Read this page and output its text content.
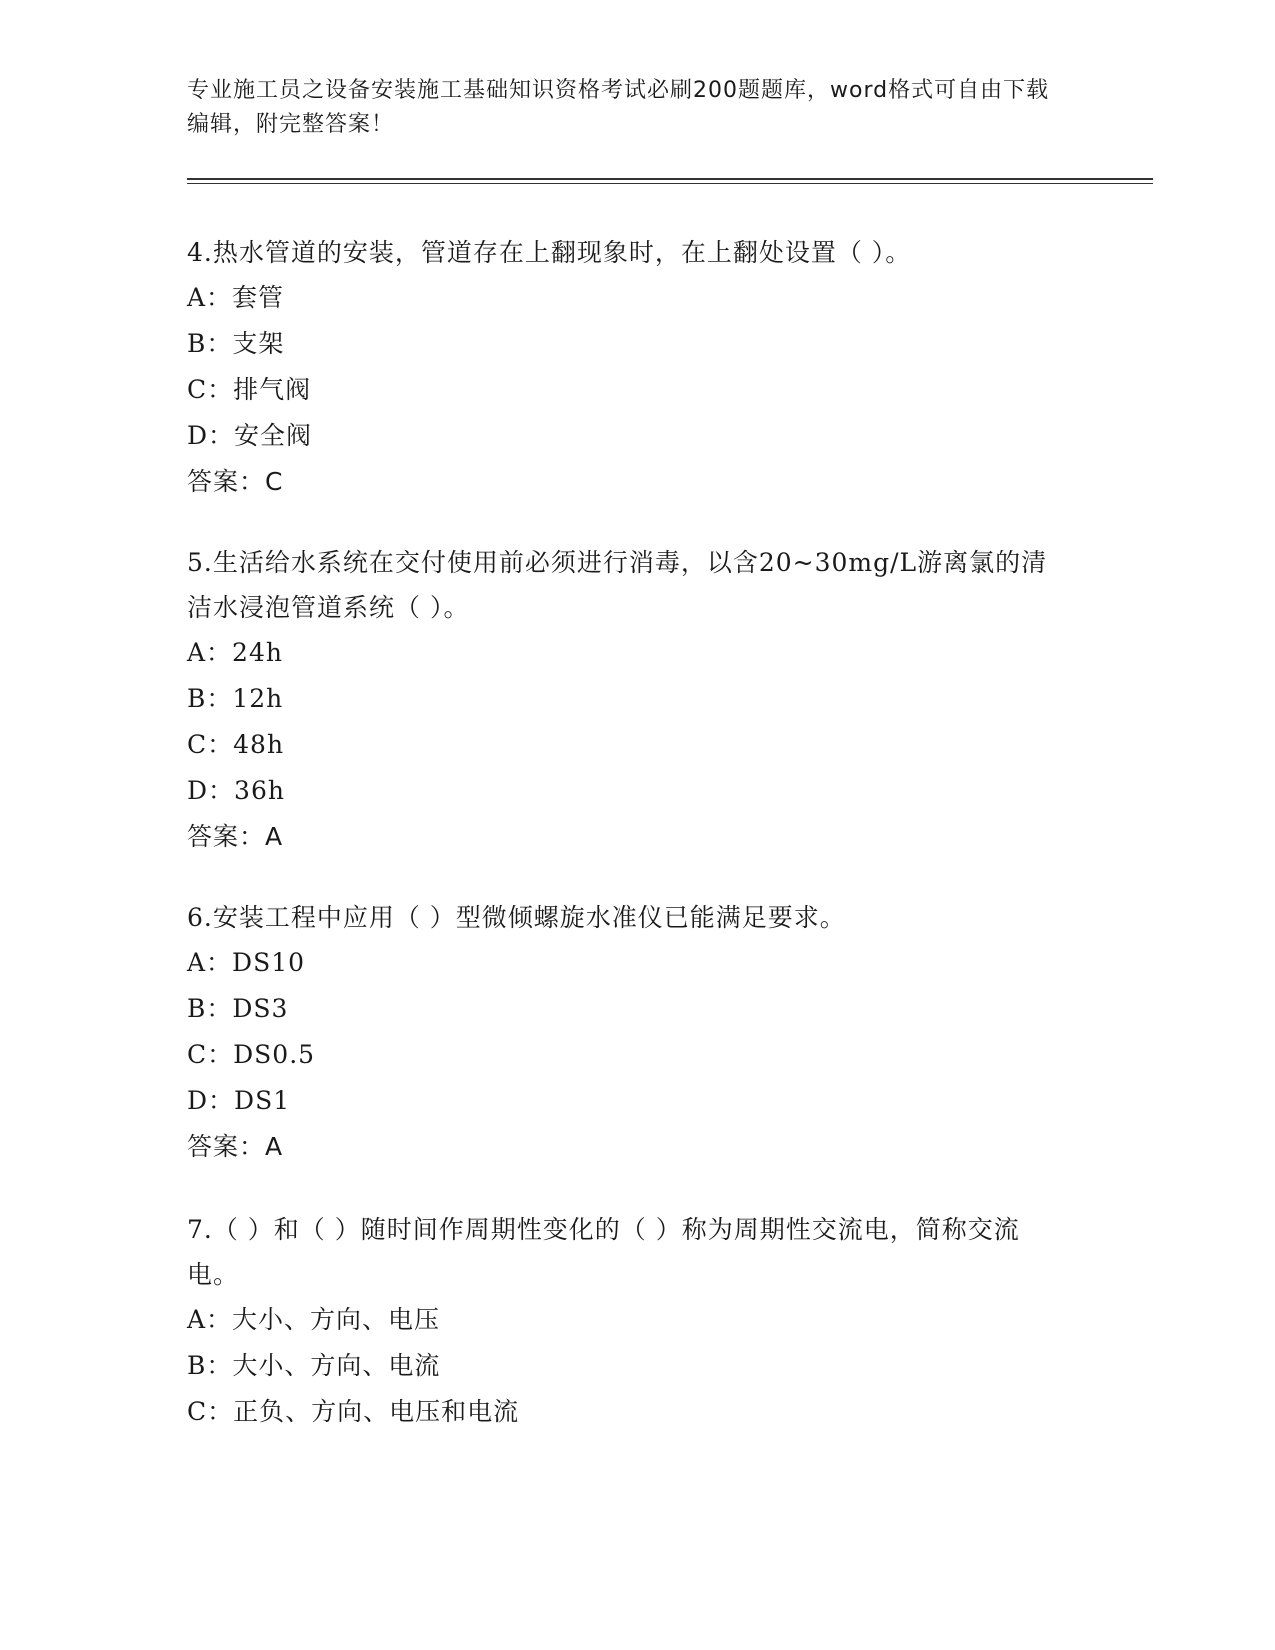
专业施工员之设备安装施工基础知识资格考试必刷200题题库，word格式可自由下载编辑，附完整答案！
4.热水管道的安装，管道存在上翻现象时，在上翻处设置（ ）。
A：套管
B：支架
C：排气阀
D：安全阀
答案：C
5.生活给水系统在交付使用前必须进行消毒，以含20~30mg/L游离氯的清洁水浸泡管道系统（ ）。
A：24h
B：12h
C：48h
D：36h
答案：A
6.安装工程中应用（ ）型微倾螺旋水准仪已能满足要求。
A：DS10
B：DS3
C：DS0.5
D：DS1
答案：A
7.（ ）和（ ）随时间作周期性变化的（ ）称为周期性交流电，简称交流电。
A：大小、方向、电压
B：大小、方向、电流
C：正负、方向、电压和电流
